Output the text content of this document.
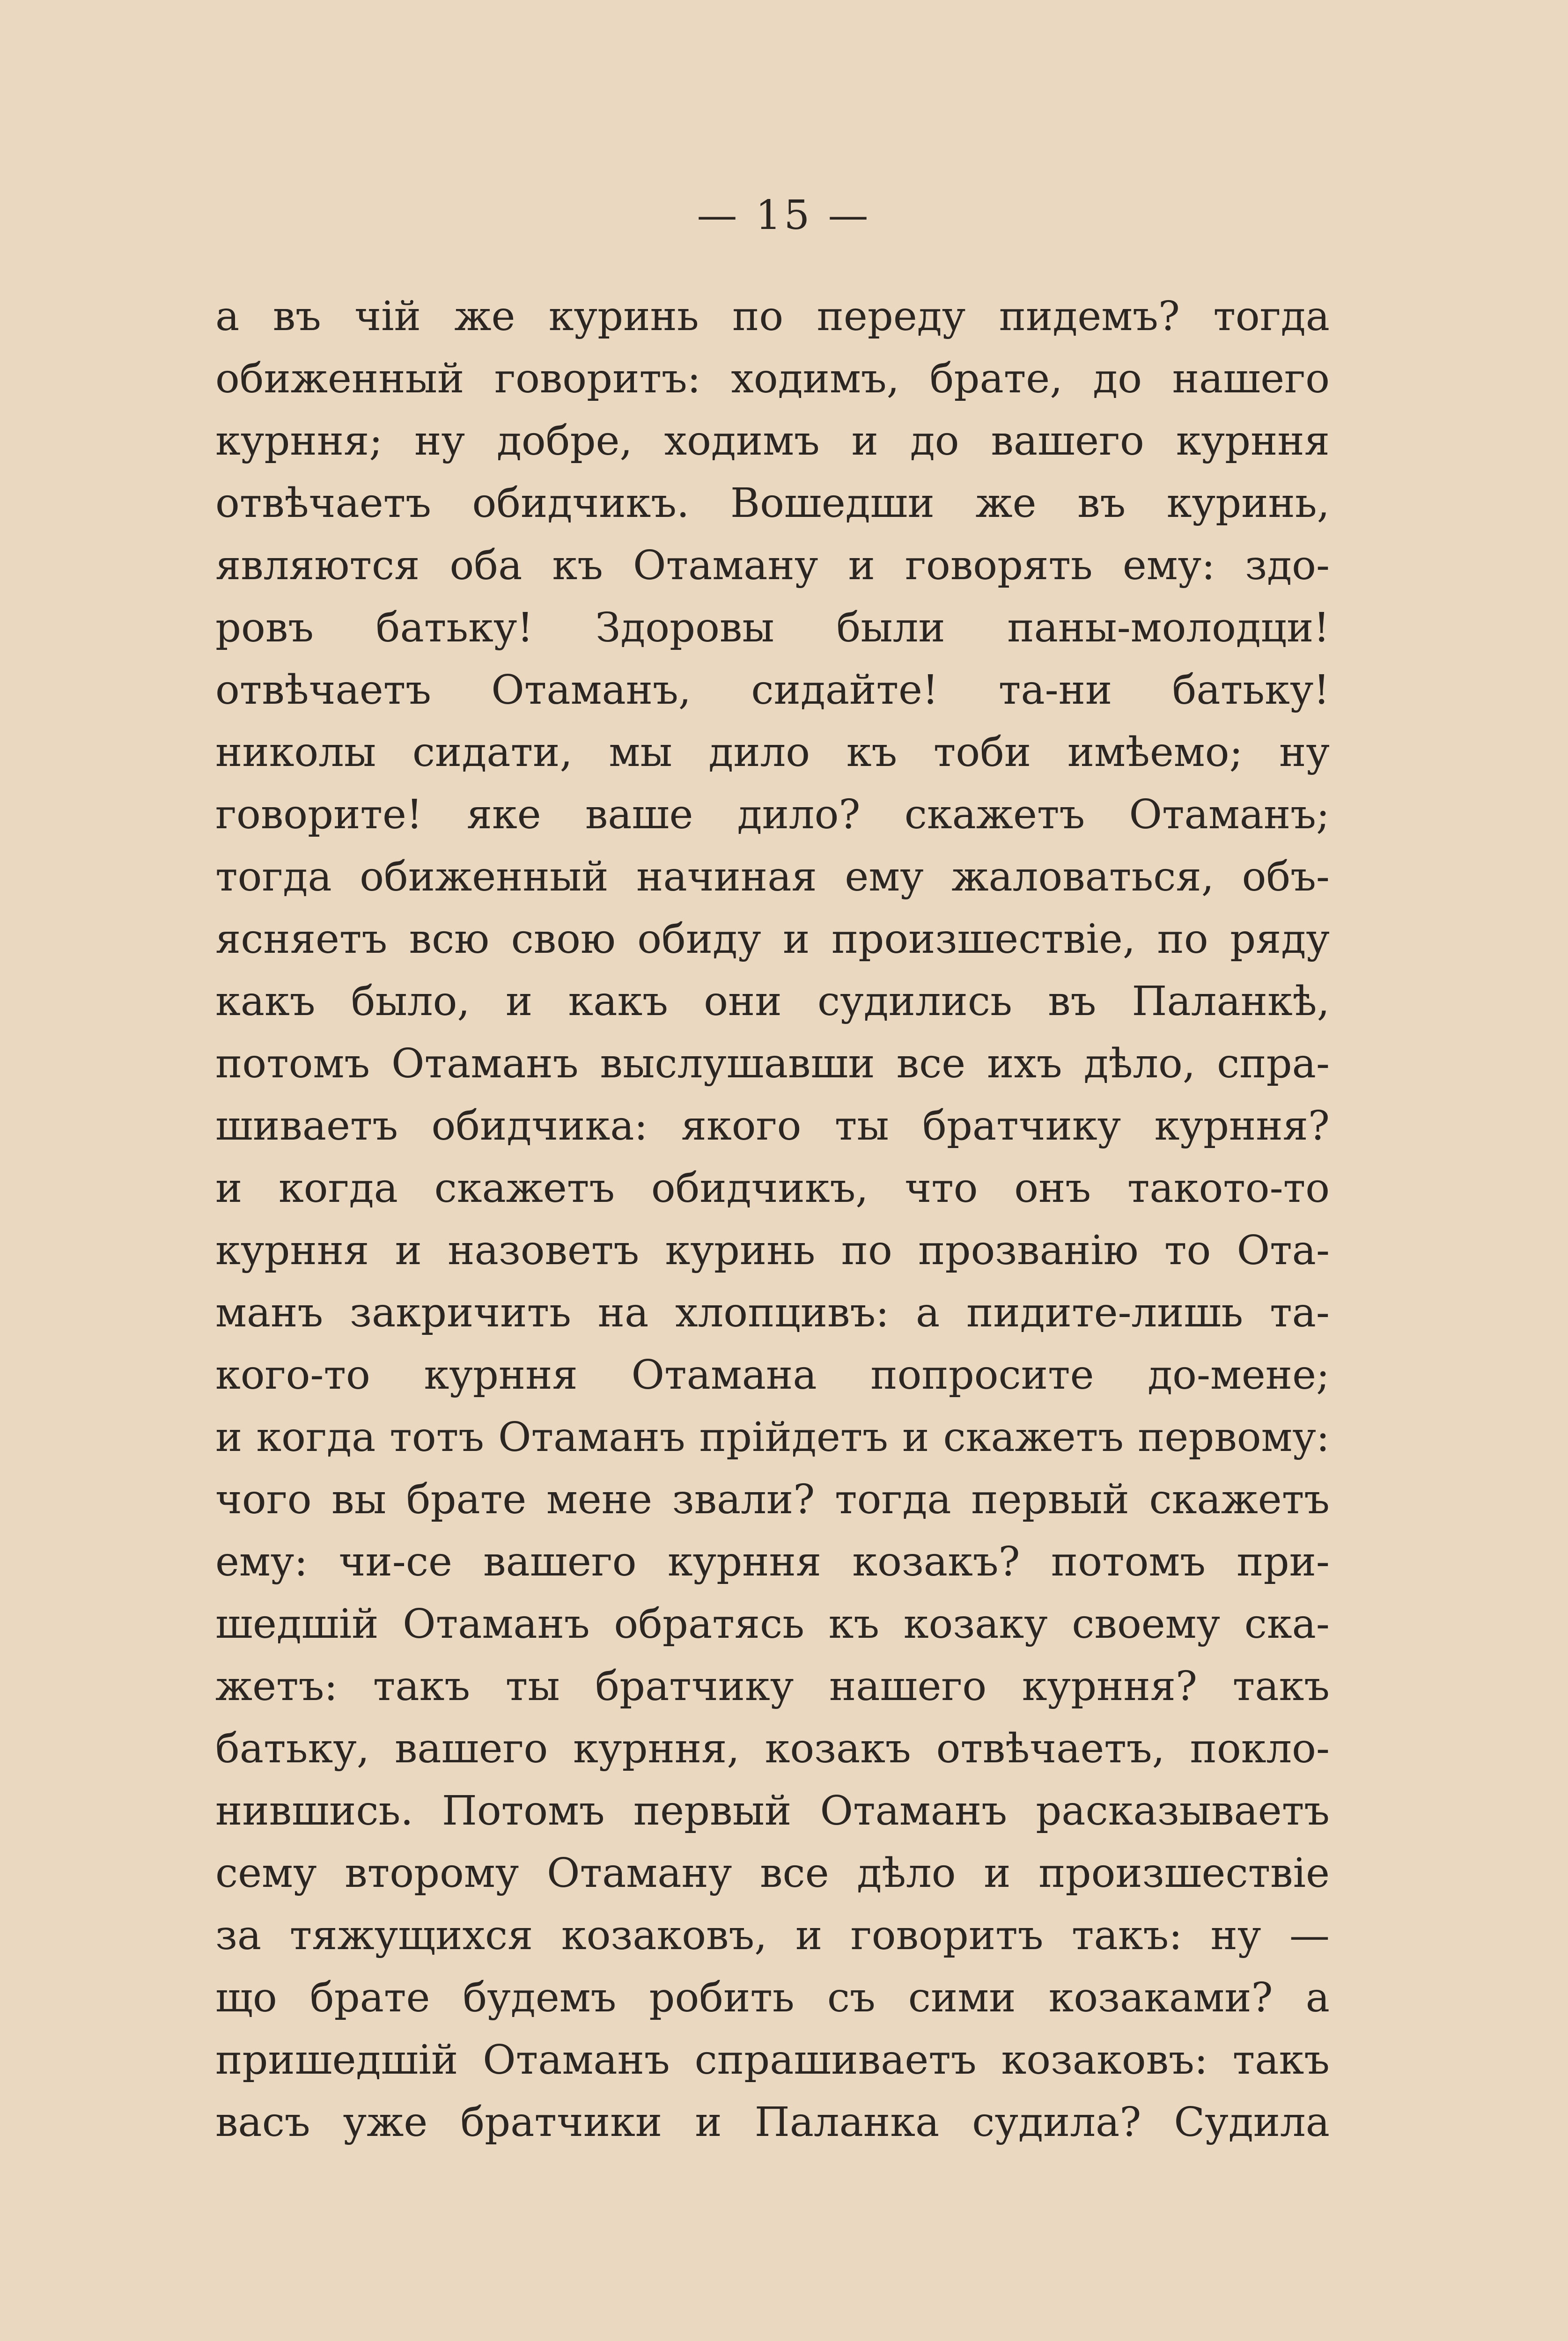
— 15 —
а въ чій же куринь по переду пидемъ? тогда
обиженный говоритъ: ходимъ, брате, до нашего
курння; ну добре, ходимъ и до вашего курння
отвѣчаетъ обидчикъ. Вошедши же въ куринь,
являются оба къ Отаману и говорять ему: здо-
ровъ батьку! Здоровы были паны-молодци!
отвѣчаетъ Отаманъ, сидайте! та-ни батьку!
николы сидати, мы дило къ тоби имѣемо; ну
говорите! яке ваше дило? скажетъ Отаманъ;
тогда обиженный начиная ему жаловаться, объ-
ясняетъ всю свою обиду и произшествіе, по ряду
какъ было, и какъ они судились въ Паланкѣ,
потомъ Отаманъ выслушавши все ихъ дѣло, спра-
шиваетъ обидчика: якого ты братчику курння?
и когда скажетъ обидчикъ, что онъ такото-то
курння и назоветъ куринь по прозванію то Ота-
манъ закричить на хлопцивъ: а пидите-лишь та-
кого-то курння Отамана попросите до-мене;
и когда тотъ Отаманъ прійдетъ и скажетъ первому:
чого вы брате мене звали? тогда первый скажетъ
ему: чи-се вашего курння козакъ? потомъ при-
шедшій Отаманъ обратясь къ козаку своему ска-
жетъ: такъ ты братчику нашего курння? такъ
батьку, вашего курння, козакъ отвѣчаетъ, покло-
нившись. Потомъ первый Отаманъ расказываетъ
сему второму Отаману все дѣло и произшествіе
за тяжущихся козаковъ, и говоритъ такъ: ну —
що брате будемъ робить съ сими козаками? а
пришедшій Отаманъ спрашиваетъ козаковъ: такъ
васъ уже братчики и Паланка судила? Судила
